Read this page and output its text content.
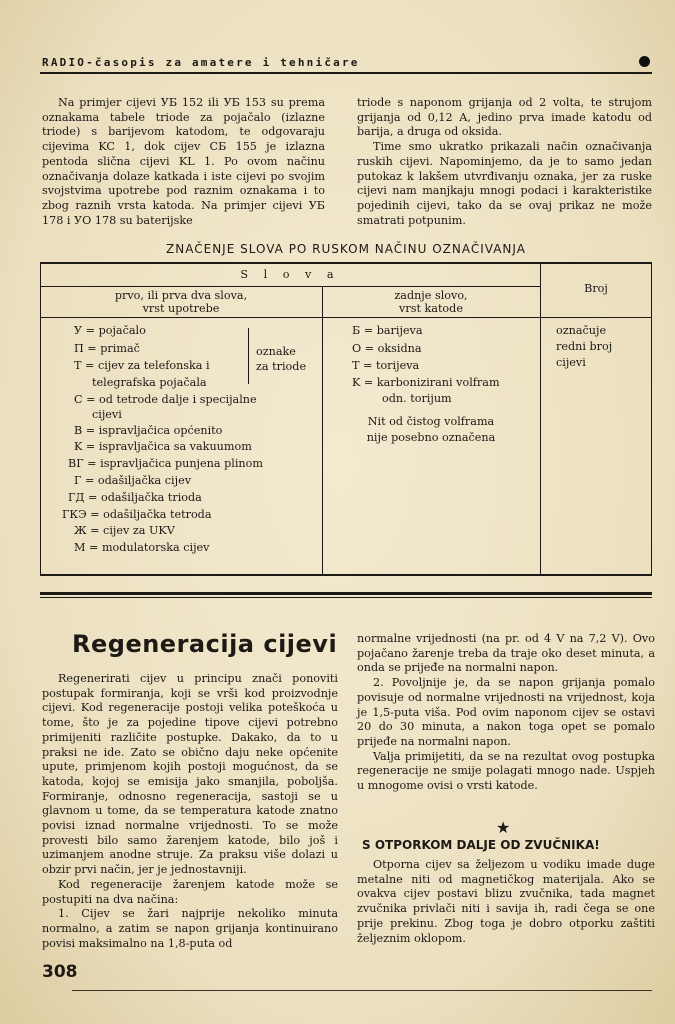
RADIO-časopis za amatere i tehničare

Na primjer cijevi УБ 152 ili УБ 153 su prema oznakama tabele triode za pojačalo (izlazne triode) s barijevom katodom, te odgovaraju cijevima KC 1, dok cijev CБ 155 je izlazna pentoda slična cijevi KL 1. Po ovom načinu označivanja dolaze katkada i iste cijevi po svojim svojstvima upotrebe pod raznim oznakama i to zbog raznih vrsta katoda. Na primjer cijevi УБ 178 i УО 178 su baterijske

triode s naponom grijanja od 2 volta, te strujom grijanja od 0,12 A, jedino prva imade katodu od barija, a druga od oksida.

Time smo ukratko prikazali način označivanja ruskih cijevi. Napominjemo, da je to samo jedan putokaz k lakšem utvrđivanju oznaka, jer za ruske cijevi nam manjkaju mnogi podaci i karakteristike pojedinih cijevi, tako da se ovaj prikaz ne može smatrati potpunim.

ZNAČENJE SLOVA PO RUSKOM NAČINU OZNAČIVANJA
S l o v a
prvo, ili prva dva slova,
vrst upotrebe
zadnje slovo,
vrst katode
Broj
У = pojačalo
П = primač
T = cijev za telefonska i
telegrafska pojačala
С = od tetrode dalje i specijalne
cijevi
B = ispravljačica općenito
K = ispravljačica sa vakuumom
BГ = ispravljačica punjena plinom
Г = odašiljačka cijev
ГД = odašiljačka trioda
ГКЭ = odašiljačka tetroda
Ж = cijev za UKV
M = modulatorska cijev
oznake
za triode
Б = barijeva
O = oksidna
T = torijeva
K = karbonizirani volfram
odn. torijum
Nit od čistog volframa
nije posebno označena
označuje
redni broj
cijevi
Regeneracija cijevi

Regenerirati cijev u principu znači ponoviti postupak formiranja, koji se vrši kod proizvodnje cijevi. Kod regeneracije postoji velika poteškoća u tome, što je za pojedine tipove cijevi potrebno primijeniti različite postupke. Dakako, da to u praksi ne ide. Zato se obično daju neke općenite upute, primjenom kojih postoji mogućnost, da se katoda, kojoj se emisija jako smanjila, poboljša. Formiranje, odnosno regeneracija, sastoji se u glavnom u tome, da se temperatura katode znatno povisi iznad normalne vrijednosti. To se može provesti bilo samo žarenjem katode, bilo još i uzimanjem anodne struje. Za praksu više dolazi u obzir prvi način, jer je jednostavniji.

Kod regeneracije žarenjem katode može se postupiti na dva načina:

1. Cijev se žari najprije nekoliko minuta normalno, a zatim se napon grijanja kontinuirano povisi maksimalno na 1,8-puta od

normalne vrijednosti (na pr. od 4 V na 7,2 V). Ovo pojačano žarenje treba da traje oko deset minuta, a onda se prijeđe na normalni napon.

2. Povoljnije je, da se napon grijanja pomalo povisuje od normalne vrijednosti na vrijednost, koja je 1,5-puta viša. Pod ovim naponom cijev se ostavi 20 do 30 minuta, a nakon toga opet se pomalo prijeđe na normalni napon.

Valja primijetiti, da se na rezultat ovog postupka regeneracije ne smije polagati mnogo nade. Uspjeh u mnogome ovisi o vrsti katode.

★
S OTPORKOM DALJE OD ZVUČNIKA!

Otporna cijev sa željezom u vodiku imade duge metalne niti od magnetičkog materijala. Ako se ovakva cijev postavi blizu zvučnika, tada magnet zvučnika privlači niti i savija ih, radi čega se one prije prekinu. Zbog toga je dobro otporku zaštiti željeznim oklopom.

308
